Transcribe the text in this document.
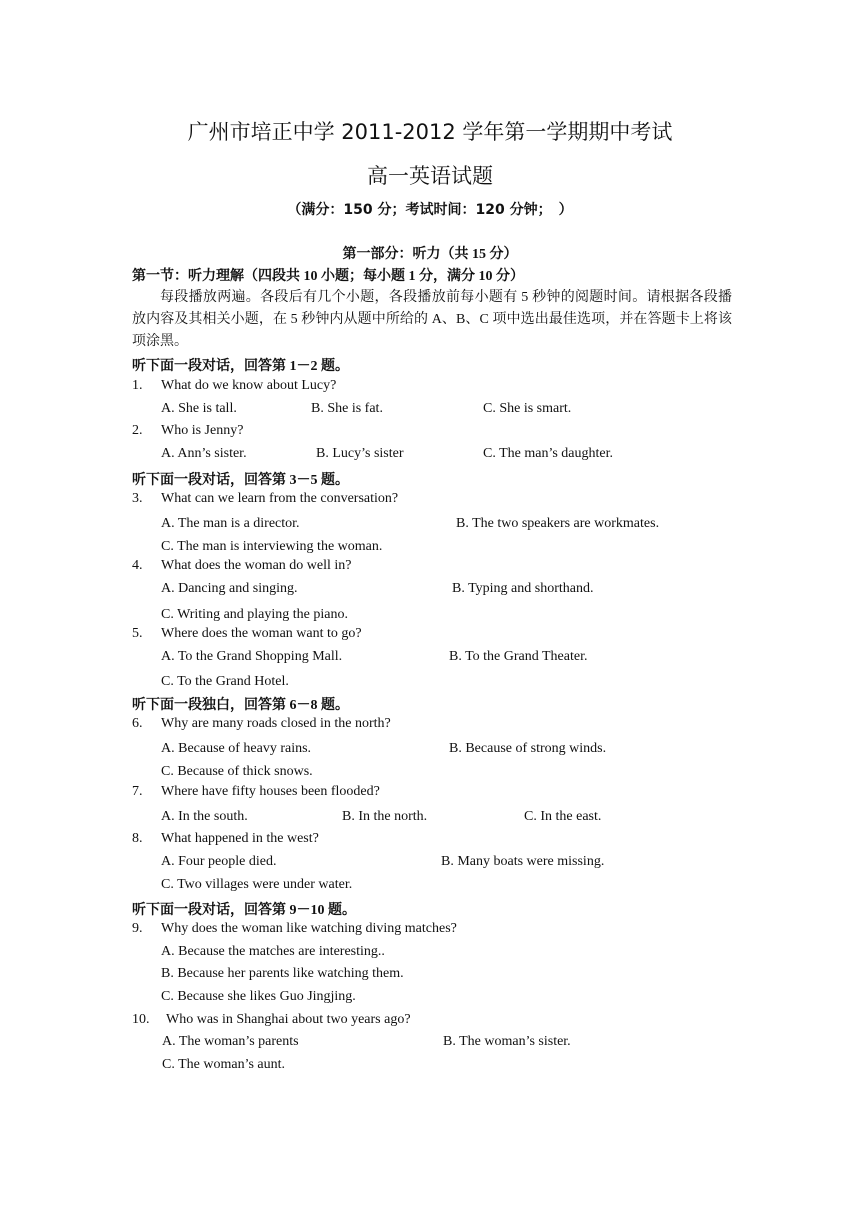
广州市培正中学 2011-2012 学年第一学期期中考试
高一英语试题
（满分：150 分；考试时间：120 分钟；　）
第一部分：听力（共 15 分）
第一节：听力理解（四段共 10 小题；每小题 1 分，满分 10 分）
每段播放两遍。各段后有几个小题，各段播放前每小题有 5 秒钟的阅题时间。请根据各段播放内容及其相关小题，在 5 秒钟内从题中所给的 A、B、C 项中选出最佳选项，并在答题卡上将该项涂黑。
听下面一段对话，回答第 1－2 题。
1. What do we know about Lucy?
A. She is tall.	B. She is fat.	C. She is smart.
2. Who is Jenny?
A. Ann’s sister.	B. Lucy’s sister	C. The man’s daughter.
听下面一段对话，回答第 3－5 题。
3. What can we learn from the conversation?
A. The man is a director.	B. The two speakers are workmates.
C. The man is interviewing the woman.
4. What does the woman do well in?
A. Dancing and singing.	B. Typing and shorthand.
C. Writing and playing the piano.
5. Where does the woman want to go?
A. To the Grand Shopping Mall.	B. To the Grand Theater.
C. To the Grand Hotel.
听下面一段独白，回答第 6－8 题。
6. Why are many roads closed in the north?
A. Because of heavy rains.	B. Because of strong winds.
C. Because of thick snows.
7. Where have fifty houses been flooded?
A. In the south.	B. In the north.	C. In the east.
8. What happened in the west?
A. Four people died.	B. Many boats were missing.
C. Two villages were under water.
听下面一段对话，回答第 9－10 题。
9. Why does the woman like watching diving matches?
A. Because the matches are interesting..
B. Because her parents like watching them.
C. Because she likes Guo Jingjing.
10. Who was in Shanghai about two years ago?
A. The woman’s parents	B. The woman’s sister.
C. The woman’s aunt.
